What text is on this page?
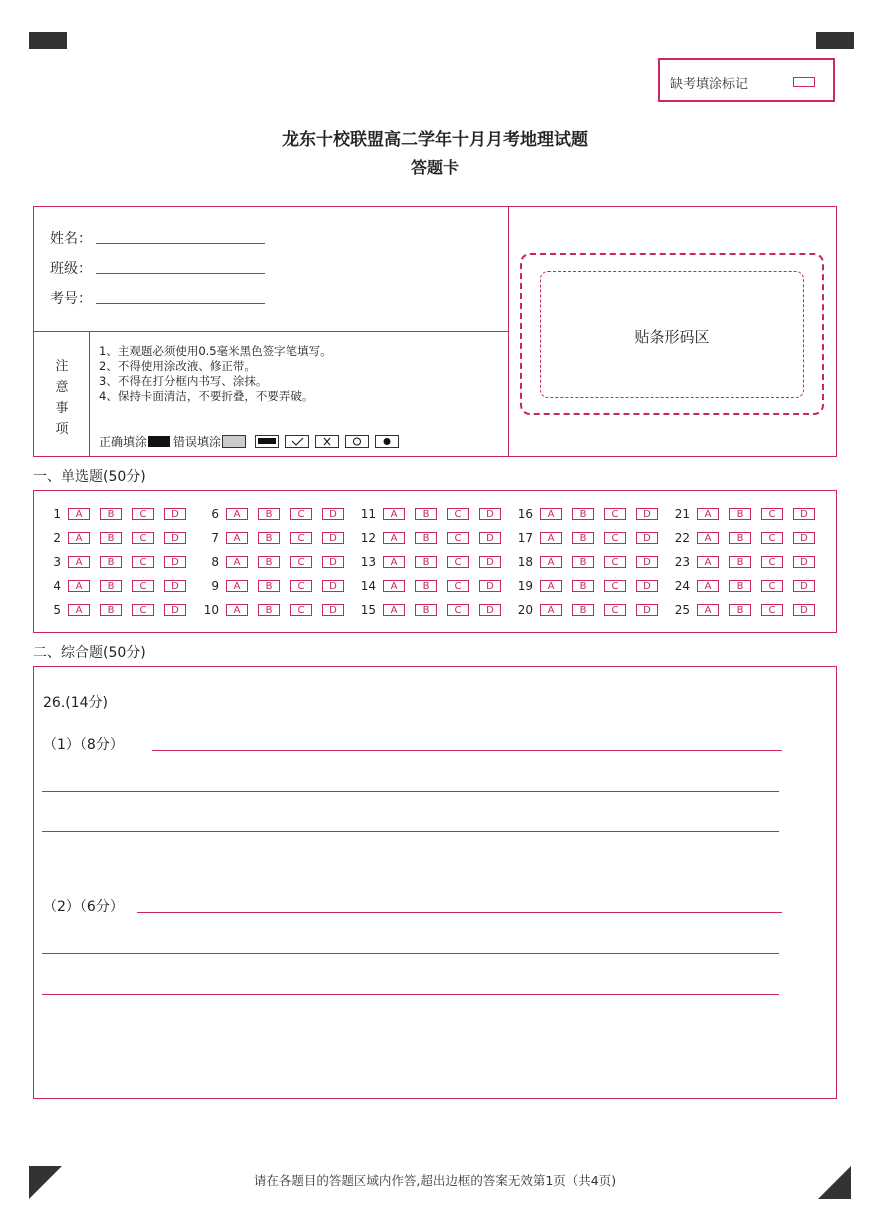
缺考填涂标记
龙东十校联盟高二学年十月月考地理试题
答题卡
姓名：
班级：
考号：
注意事项
1、主观题必须使用0.5毫米黑色签字笔填写。
2、不得使用涂改液、修正带。
3、不得在打分框内书写、涂抹。
4、保持卡面清洁，不要折叠，不要弄破。
正确填涂 错误填涂
贴条形码区
一、单选题(50分)
1	A	B	C	D
2	A	B	C	D
3	A	B	C	D
4	A	B	C	D
5	A	B	C	D
6	A	B	C	D
7	A	B	C	D
8	A	B	C	D
9	A	B	C	D
10	A	B	C	D
11	A	B	C	D
12	A	B	C	D
13	A	B	C	D
14	A	B	C	D
15	A	B	C	D
16	A	B	C	D
17	A	B	C	D
18	A	B	C	D
19	A	B	C	D
20	A	B	C	D
21	A	B	C	D
22	A	B	C	D
23	A	B	C	D
24	A	B	C	D
25	A	B	C	D
二、综合题(50分)
26.(14分)
（1）（8分）
（2）（6分）
请在各题目的答题区域内作答,超出边框的答案无效第1页（共4页)
